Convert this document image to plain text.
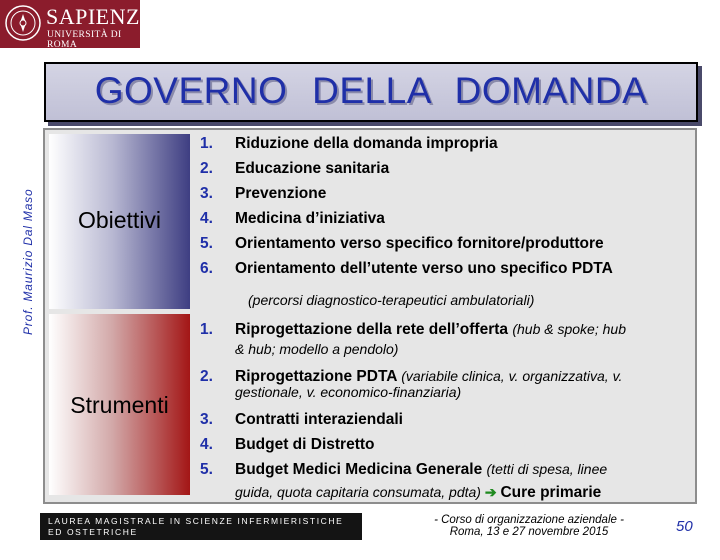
SAPIENZA
UNIVERSITÀ DI ROMA
Prof. Maurizio Dal Maso
GOVERNO DELLA DOMANDA
Obiettivi
Strumenti
1. Riduzione della domanda impropria
2. Educazione sanitaria
3. Prevenzione
4. Medicina d’iniziativa
5. Orientamento verso specifico fornitore/produttore
6. Orientamento dell’utente verso uno specifico PDTA
(percorsi diagnostico-terapeutici ambulatoriali)
1. Riprogettazione della rete dell’offerta (hub & spoke; hub
& hub; modello a pendolo)
2. Riprogettazione PDTA (variabile clinica, v. organizzativa, v.
gestionale, v. economico-finanziaria)
3. Contratti interaziendali
4. Budget di Distretto
5. Budget Medici Medicina Generale (tetti di spesa, linee
guida, quota capitaria consumata, pdta) ➔ Cure primarie
LAUREA MAGISTRALE IN SCIENZE INFERMIERISTICHE ED OSTETRICHE
"La SAPIENZA" UNIVERSITA' DI ROMA - AZIENDA POLICLINICO UMBERTO I
- Corso di organizzazione aziendale -
Roma, 13 e 27 novembre 2015	50
